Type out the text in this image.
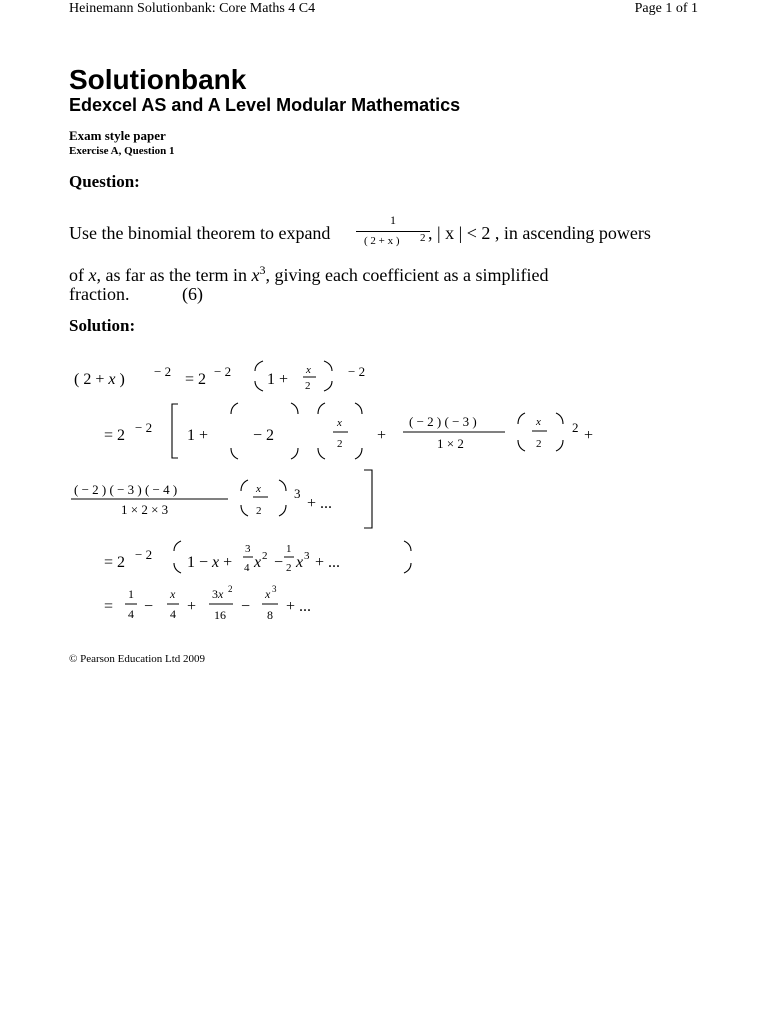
Heinemann Solutionbank: Core Maths 4 C4	Page 1 of 1
Solutionbank
Edexcel AS and A Level Modular Mathematics
Exam style paper
Exercise A, Question 1
Question:
Use the binomial theorem to expand $\frac{1}{( 2 + x )}$
2 , | x | < 2 , in ascending powers
of x, as far as the term in $x^3$, giving each coefficient as a simplified
fraction.	(6)
Solution:
( 2 + x ) − 2 = 2 − 2 1 +
x
2
− 2
= 2 − 2 1 +	− 2
x
2 +
( − 2 ) ( − 3 )
1 × 2
x
2
2 +
( − 2 ) ( − 3 ) ( − 4 )
1 × 2 × 3
x
2
3
+ ...
= 2 − 2 1 − x +
3
4 x 2 −
1
2 x 3 + ...
=
1
4 −
x
4 +
3x 2
16 −
x 3
8 + ...
© Pearson Education Ltd 2009
